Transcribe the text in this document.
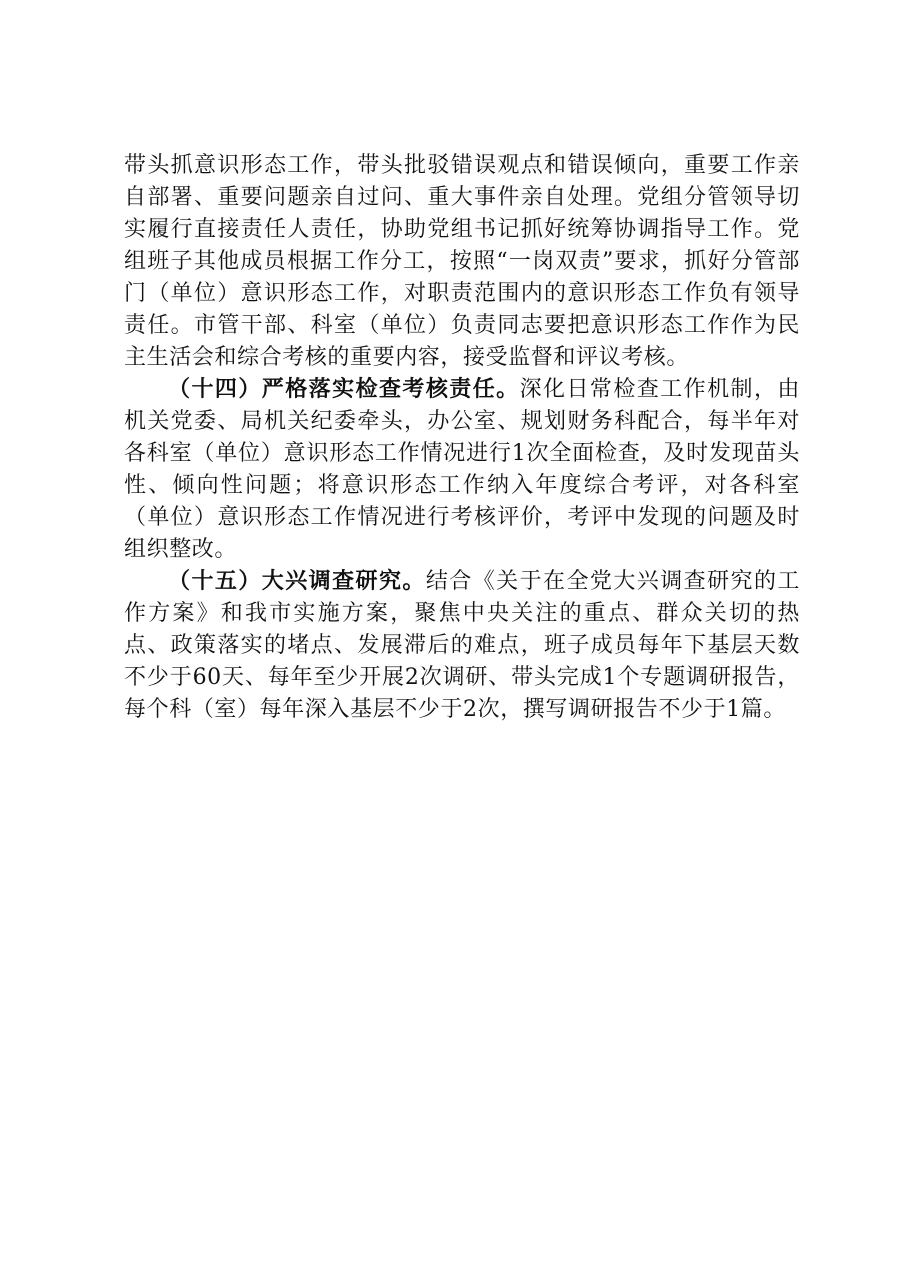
带头抓意识形态工作，带头批驳错误观点和错误倾向，重要工作亲自部署、重要问题亲自过问、重大事件亲自处理。党组分管领导切实履行直接责任人责任，协助党组书记抓好统筹协调指导工作。党组班子其他成员根据工作分工，按照“一岗双责”要求，抓好分管部门（单位）意识形态工作，对职责范围内的意识形态工作负有领导责任。市管干部、科室（单位）负责同志要把意识形态工作作为民主生活会和综合考核的重要内容，接受监督和评议考核。

（十四）严格落实检查考核责任。深化日常检查工作机制，由机关党委、局机关纪委牵头，办公室、规划财务科配合，每半年对各科室（单位）意识形态工作情况进行1次全面检查，及时发现苗头性、倾向性问题；将意识形态工作纳入年度综合考评，对各科室（单位）意识形态工作情况进行考核评价，考评中发现的问题及时组织整改。

（十五）大兴调查研究。结合《关于在全党大兴调查研究的工作方案》和我市实施方案，聚焦中央关注的重点、群众关切的热点、政策落实的堵点、发展滞后的难点，班子成员每年下基层天数不少于60天、每年至少开展2次调研、带头完成1个专题调研报告，每个科（室）每年深入基层不少于2次，撰写调研报告不少于1篇。
